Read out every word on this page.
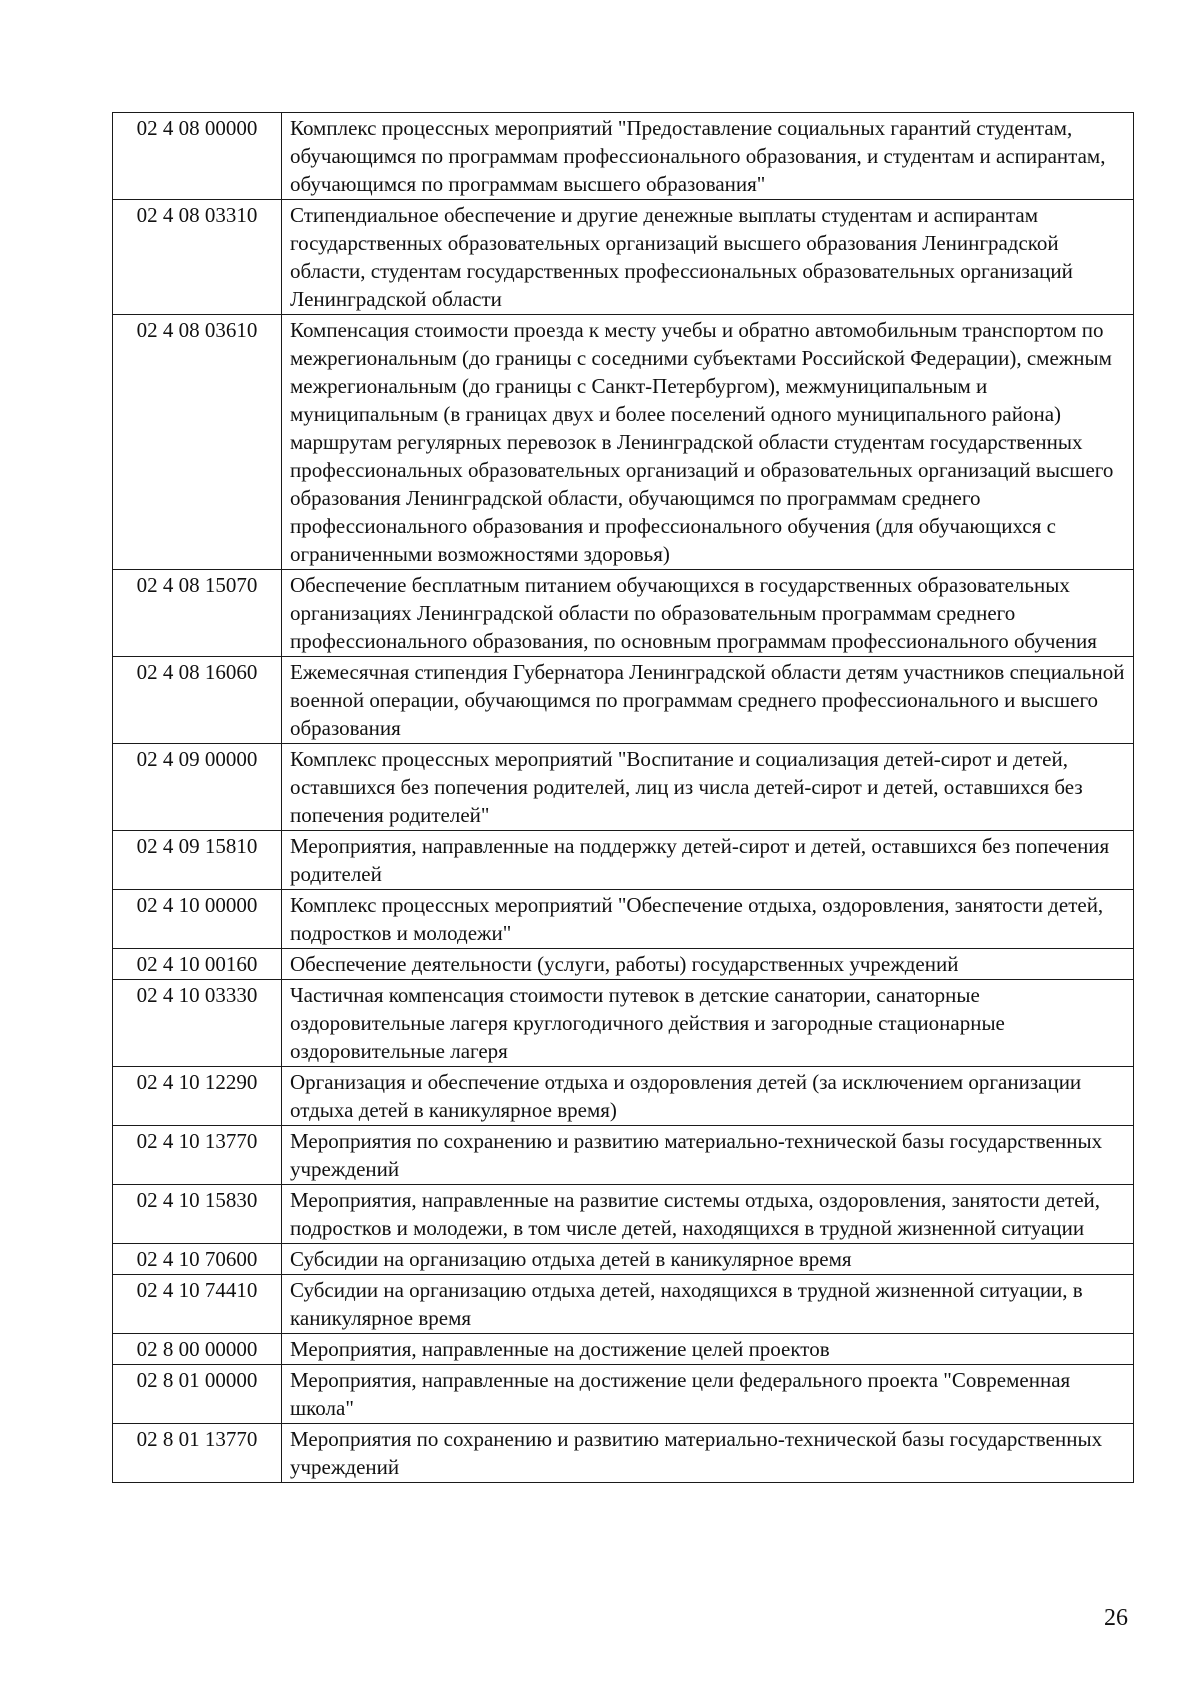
02 4 08 00000	Комплекс процессных мероприятий "Предоставление социальных гарантий студентам, обучающимся по программам профессионального образования, и студентам и аспирантам, обучающимся по программам высшего образования"
02 4 08 03310	Стипендиальное обеспечение и другие денежные выплаты студентам и аспирантам государственных образовательных организаций высшего образования Ленинградской области, студентам государственных профессиональных образовательных организаций Ленинградской области
02 4 08 03610	Компенсация стоимости проезда к месту учебы и обратно автомобильным транспортом по межрегиональным (до границы с соседними субъектами Российской Федерации), смежным межрегиональным (до границы с Санкт-Петербургом), межмуниципальным и муниципальным (в границах двух и более поселений одного муниципального района) маршрутам регулярных перевозок в Ленинградской области студентам государственных профессиональных образовательных организаций и образовательных организаций высшего образования Ленинградской области, обучающимся по программам среднего профессионального образования и профессионального обучения (для обучающихся с ограниченными возможностями здоровья)
02 4 08 15070	Обеспечение бесплатным питанием обучающихся в государственных образовательных организациях Ленинградской области по образовательным программам среднего профессионального образования, по основным программам профессионального обучения
02 4 08 16060	Ежемесячная стипендия Губернатора Ленинградской области детям участников специальной военной операции, обучающимся по программам среднего профессионального и высшего образования
02 4 09 00000	Комплекс процессных мероприятий "Воспитание и социализация детей-сирот и детей, оставшихся без попечения родителей, лиц из числа детей-сирот и детей, оставшихся без попечения родителей"
02 4 09 15810	Мероприятия, направленные на поддержку детей-сирот и детей, оставшихся без попечения родителей
02 4 10 00000	Комплекс процессных мероприятий "Обеспечение отдыха, оздоровления, занятости детей, подростков и молодежи"
02 4 10 00160	Обеспечение деятельности (услуги, работы) государственных учреждений
02 4 10 03330	Частичная компенсация стоимости путевок в детские санатории, санаторные оздоровительные лагеря круглогодичного действия и загородные стационарные оздоровительные лагеря
02 4 10 12290	Организация и обеспечение отдыха и оздоровления детей (за исключением организации отдыха детей в каникулярное время)
02 4 10 13770	Мероприятия по сохранению и развитию материально-технической базы государственных учреждений
02 4 10 15830	Мероприятия, направленные на развитие системы отдыха, оздоровления, занятости детей, подростков и молодежи, в том числе детей, находящихся в трудной жизненной ситуации
02 4 10 70600	Субсидии на организацию отдыха детей в каникулярное время
02 4 10 74410	Субсидии на организацию отдыха детей, находящихся в трудной жизненной ситуации, в каникулярное время
02 8 00 00000	Мероприятия, направленные на достижение целей проектов
02 8 01 00000	Мероприятия, направленные на достижение цели федерального проекта "Современная школа"
02 8 01 13770	Мероприятия по сохранению и развитию материально-технической базы государственных учреждений
26
